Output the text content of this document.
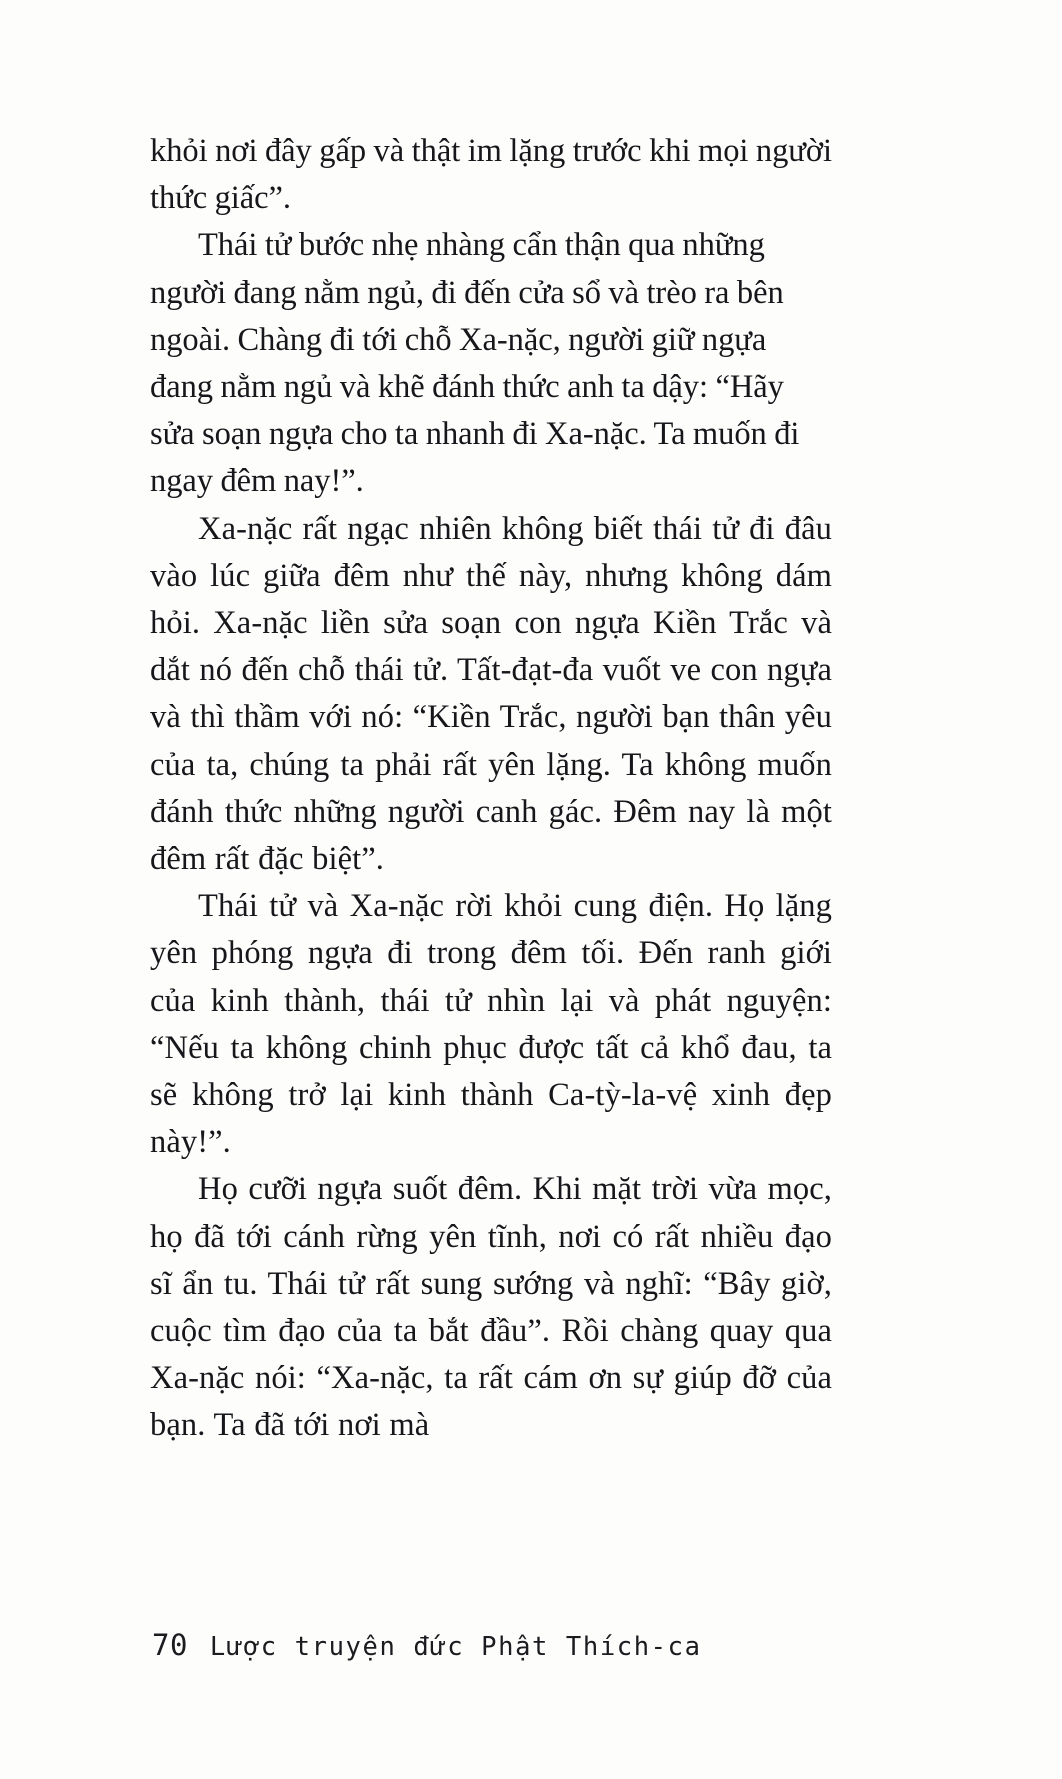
khỏi nơi đây gấp và thật im lặng trước khi mọi người thức giấc”.

Thái tử bước nhẹ nhàng cẩn thận qua những người đang nằm ngủ, đi đến cửa sổ và trèo ra bên ngoài. Chàng đi tới chỗ Xa-nặc, người giữ ngựa đang nằm ngủ và khẽ đánh thức anh ta dậy: “Hãy sửa soạn ngựa cho ta nhanh đi Xa-nặc. Ta muốn đi ngay đêm nay!”.

Xa-nặc rất ngạc nhiên không biết thái tử đi đâu vào lúc giữa đêm như thế này, nhưng không dám hỏi. Xa-nặc liền sửa soạn con ngựa Kiền Trắc và dắt nó đến chỗ thái tử. Tất-đạt-đa vuốt ve con ngựa và thì thầm với nó: “Kiền Trắc, người bạn thân yêu của ta, chúng ta phải rất yên lặng. Ta không muốn đánh thức những người canh gác. Đêm nay là một đêm rất đặc biệt”.

Thái tử và Xa-nặc rời khỏi cung điện. Họ lặng yên phóng ngựa đi trong đêm tối. Đến ranh giới của kinh thành, thái tử nhìn lại và phát nguyện: “Nếu ta không chinh phục được tất cả khổ đau, ta sẽ không trở lại kinh thành Ca-tỳ-la-vệ xinh đẹp này!”.

Họ cưỡi ngựa suốt đêm. Khi mặt trời vừa mọc, họ đã tới cánh rừng yên tĩnh, nơi có rất nhiều đạo sĩ ẩn tu. Thái tử rất sung sướng và nghĩ: “Bây giờ, cuộc tìm đạo của ta bắt đầu”. Rồi chàng quay qua Xa-nặc nói: “Xa-nặc, ta rất cám ơn sự giúp đỡ của bạn. Ta đã tới nơi mà

70 Lược truyện đức Phật Thích-ca
